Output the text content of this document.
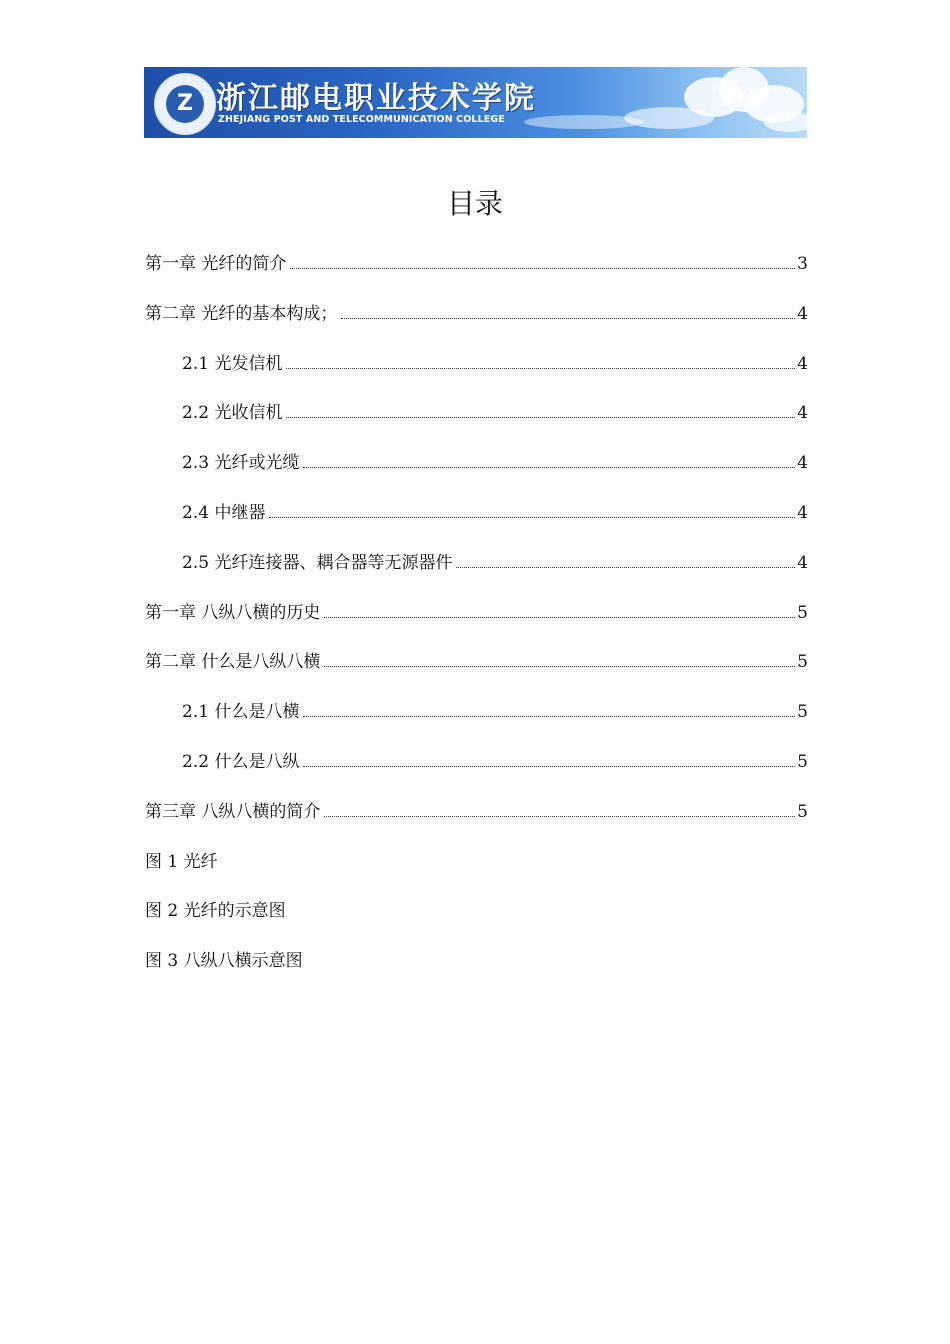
Z 浙江邮电职业技术学院
ZHEJIANG POST AND TELECOMMUNICATION COLLEGE
目录
第一章 光纤的简介	3
第二章 光纤的基本构成；	4
2.1 光发信机	4
2.2 光收信机	4
2.3 光纤或光缆	4
2.4 中继器	4
2.5 光纤连接器、耦合器等无源器件	4
第一章 八纵八横的历史	5
第二章 什么是八纵八横	5
2.1 什么是八横	5
2.2 什么是八纵	5
第三章 八纵八横的简介	5
图 1 光纤
图 2 光纤的示意图
图 3 八纵八横示意图
